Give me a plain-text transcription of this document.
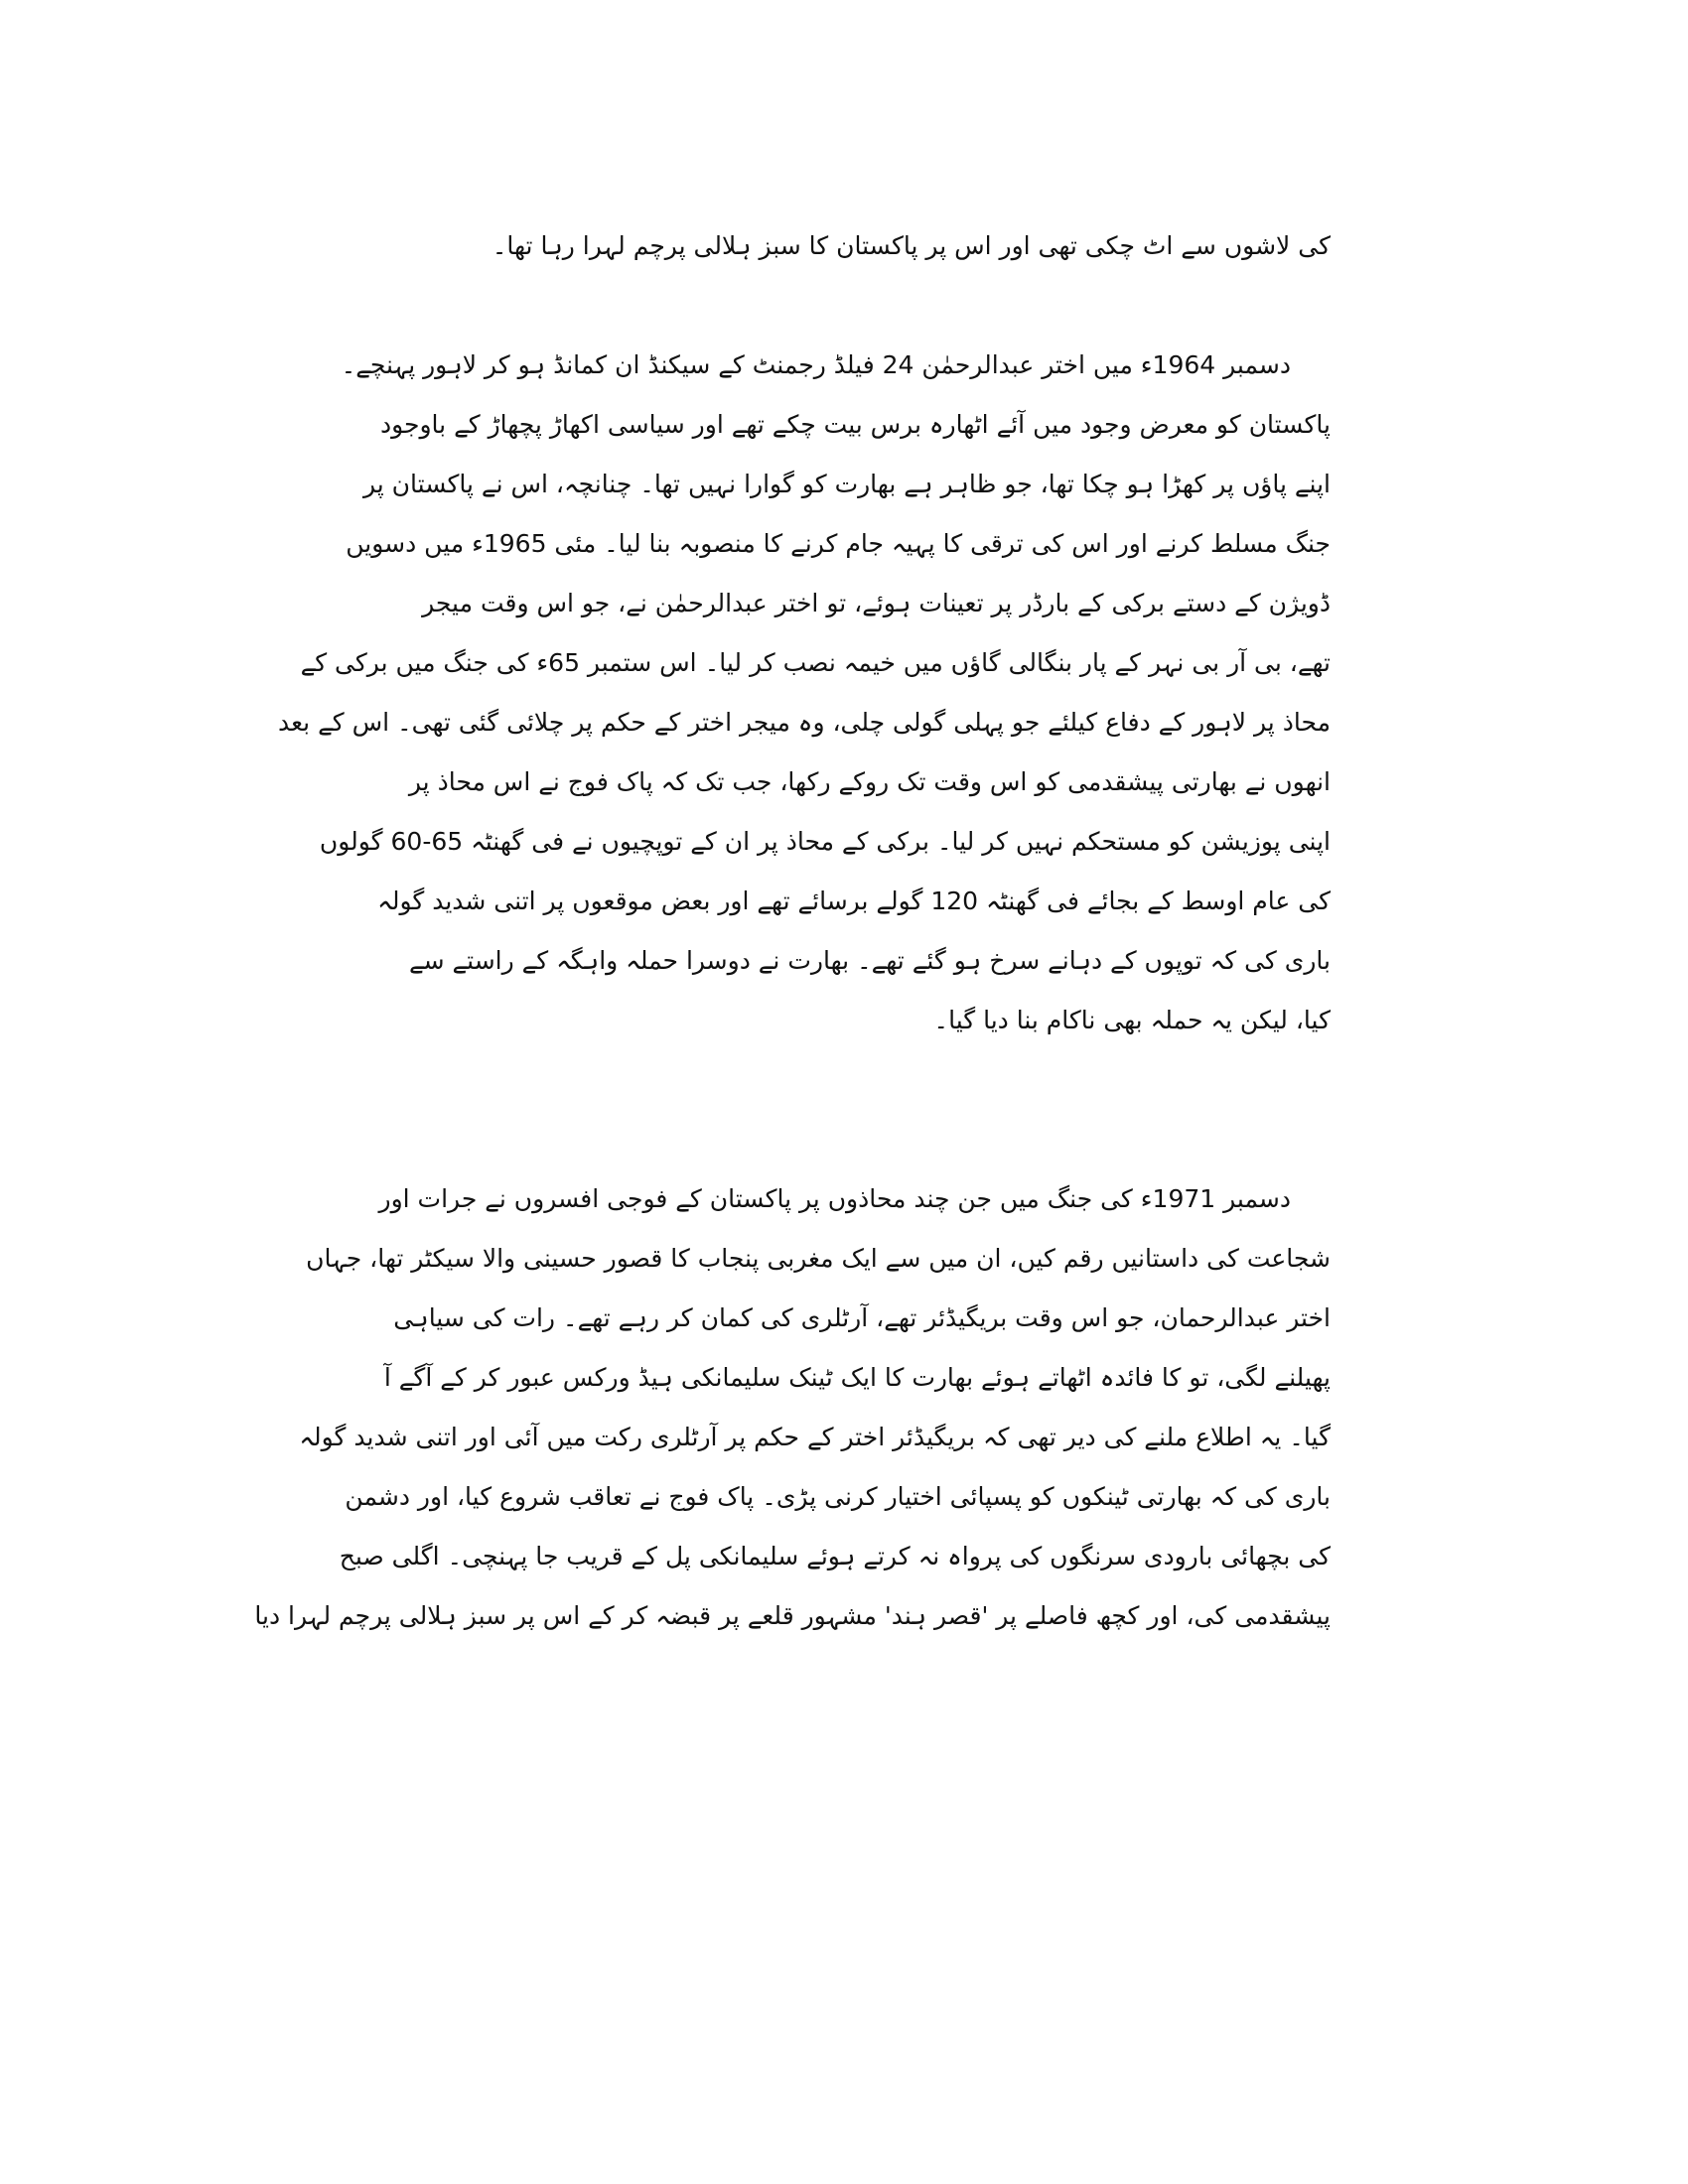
کی لاشوں سے اٹ چکی تھی اور اس پر پاکستان کا سبز ہلالی پرچم لہرا رہا تھا۔
دسمبر 1964ء میں اختر عبدالرحمٰن 24 فیلڈ رجمنٹ کے سیکنڈ ان کمانڈ ہو کر لاہور پہنچے۔
پاکستان کو معرض وجود میں آئے اٹھارہ برس بیت چکے تھے اور سیاسی اکھاڑ پچھاڑ کے باوجود
اپنے پاؤں پر کھڑا ہو چکا تھا، جو ظاہر ہے بھارت کو گوارا نہیں تھا۔ چنانچہ، اس نے پاکستان پر
جنگ مسلط کرنے اور اس کی ترقی کا پہیہ جام کرنے کا منصوبہ بنا لیا۔ مئی 1965ء میں دسویں
ڈویژن کے دستے برکی کے بارڈر پر تعینات ہوئے، تو اختر عبدالرحمٰن نے، جو اس وقت میجر
تھے، بی آر بی نہر کے پار بنگالی گاؤں میں خیمہ نصب کر لیا۔ اس ستمبر 65ء کی جنگ میں برکی کے
محاذ پر لاہور کے دفاع کیلئے جو پہلی گولی چلی، وہ میجر اختر کے حکم پر چلائی گئی تھی۔ اس کے بعد
انھوں نے بھارتی پیشقدمی کو اس وقت تک روکے رکھا، جب تک کہ پاک فوج نے اس محاذ پر
اپنی پوزیشن کو مستحکم نہیں کر لیا۔ برکی کے محاذ پر ان کے توپچیوں نے فی گھنٹہ 65-60 گولوں
کی عام اوسط کے بجائے فی گھنٹہ 120 گولے برسائے تھے اور بعض موقعوں پر اتنی شدید گولہ
باری کی کہ توپوں کے دہانے سرخ ہو گئے تھے۔ بھارت نے دوسرا حملہ واہگہ کے راستے سے
کیا، لیکن یہ حملہ بھی ناکام بنا دیا گیا۔
دسمبر 1971ء کی جنگ میں جن چند محاذوں پر پاکستان کے فوجی افسروں نے جرات اور
شجاعت کی داستانیں رقم کیں، ان میں سے ایک مغربی پنجاب کا قصور حسینی والا سیکٹر تھا، جہاں
اختر عبدالرحمان، جو اس وقت بریگیڈئر تھے، آرٹلری کی کمان کر رہے تھے۔ رات کی سیاہی
پھیلنے لگی، تو کا فائدہ اٹھاتے ہوئے بھارت کا ایک ٹینک سلیمانکی ہیڈ ورکس عبور کر کے آگے آ
گیا۔ یہ اطلاع ملنے کی دیر تھی کہ بریگیڈئر اختر کے حکم پر آرٹلری رکت میں آئی اور اتنی شدید گولہ
باری کی کہ بھارتی ٹینکوں کو پسپائی اختیار کرنی پڑی۔ پاک فوج نے تعاقب شروع کیا، اور دشمن
کی بچھائی بارودی سرنگوں کی پرواہ نہ کرتے ہوئے سلیمانکی پل کے قریب جا پہنچی۔ اگلی صبح
پیشقدمی کی، اور کچھ فاصلے پر 'قصر ہند' مشہور قلعے پر قبضہ کر کے اس پر سبز ہلالی پرچم لہرا دیا
